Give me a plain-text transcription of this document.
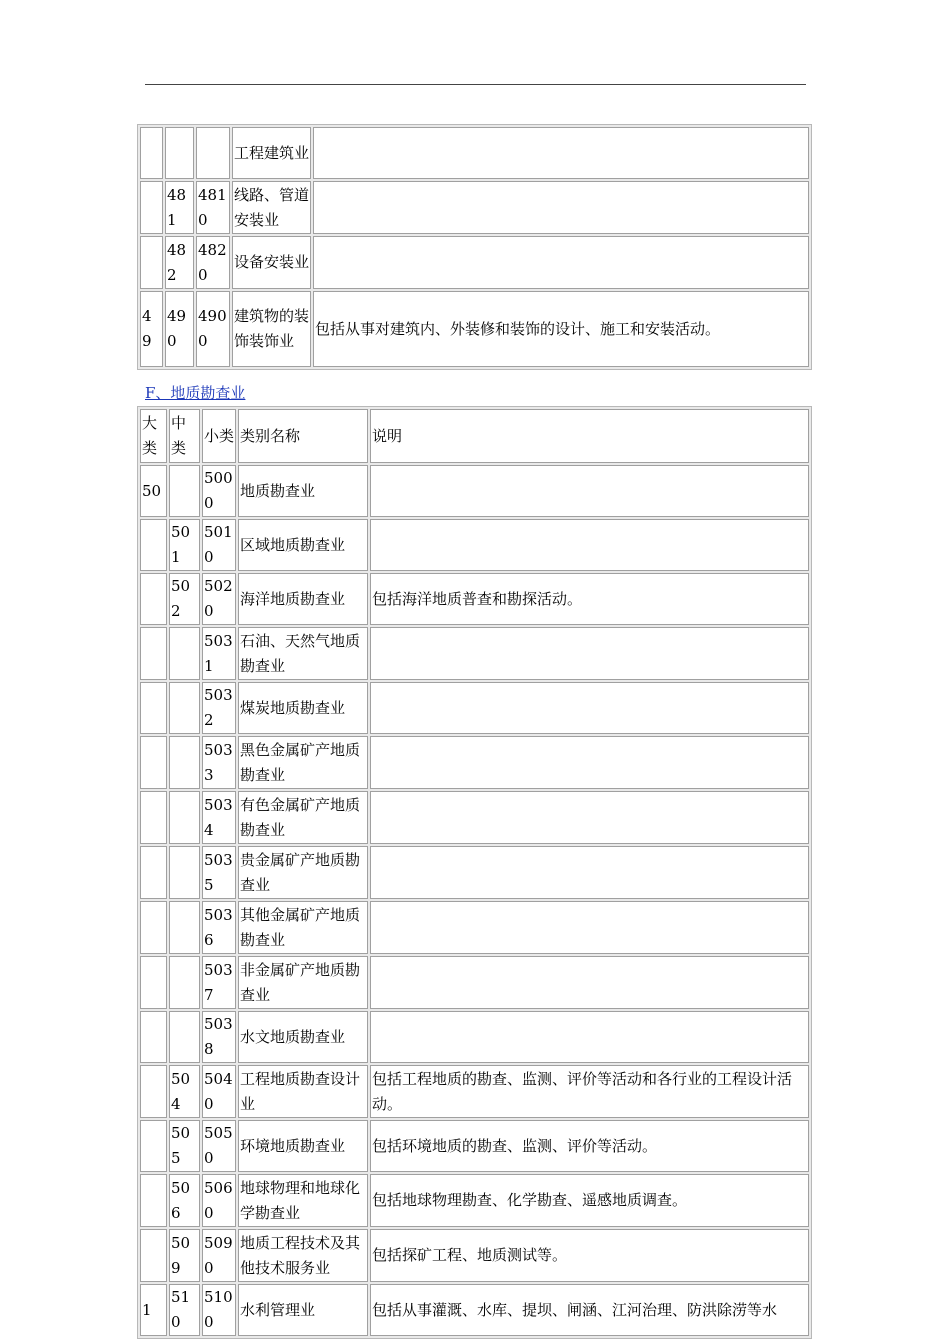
			工程建筑业	
	481	4810	线路、管道安装业	
	482	4820	设备安装业	
49	490	4900	建筑物的装饰装饰业	包括从事对建筑内、外装修和装饰的设计、施工和安装活动。
F、地质勘查业
大类	中类	小类	类别名称	说明
50		5000	地质勘查业	
	501	5010	区域地质勘查业	
	502	5020	海洋地质勘查业	包括海洋地质普查和勘探活动。
		5031	石油、天然气地质勘查业	
		5032	煤炭地质勘查业	
		5033	黑色金属矿产地质勘查业	
		5034	有色金属矿产地质勘查业	
		5035	贵金属矿产地质勘查业	
		5036	其他金属矿产地质勘查业	
		5037	非金属矿产地质勘查业	
		5038	水文地质勘查业	
	504	5040	工程地质勘查设计业	包括工程地质的勘查、监测、评价等活动和各行业的工程设计活动。
	505	5050	环境地质勘查业	包括环境地质的勘查、监测、评价等活动。
	506	5060	地球物理和地球化学勘查业	包括地球物理勘查、化学勘查、遥感地质调查。
	509	5090	地质工程技术及其他技术服务业	包括探矿工程、地质测试等。
1	510	5100	水利管理业	包括从事灌溉、水库、提坝、闸涵、江河治理、防洪除涝等水
